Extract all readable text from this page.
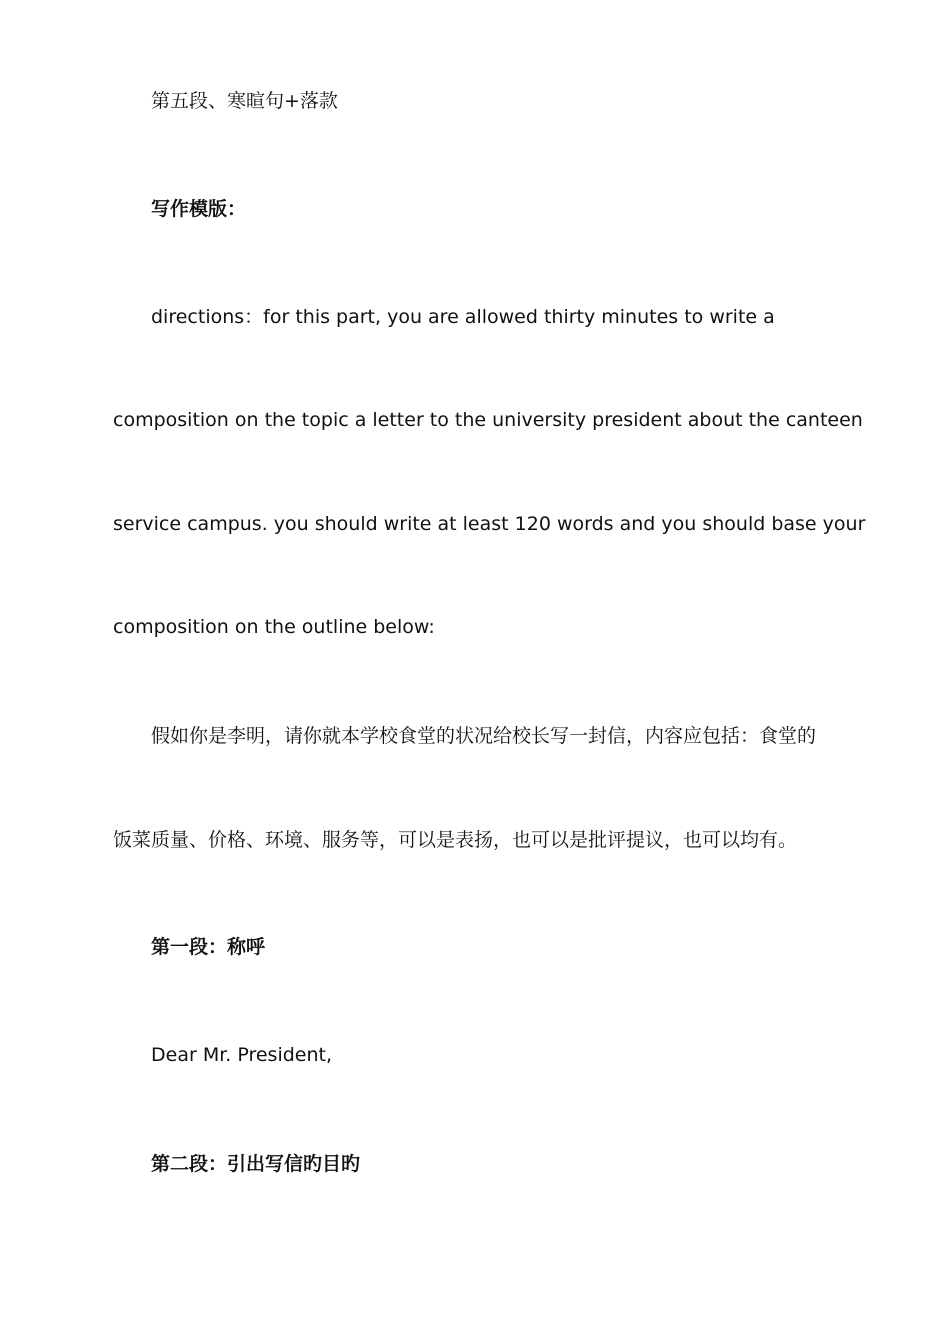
第五段、寒暄句+落款
写作模版：
directions：for this part, you are allowed thirty minutes to write a
composition on the topic a letter to the university president about the canteen
service campus. you should write at least 120 words and you should base your
composition on the outline below:
假如你是李明，请你就本学校食堂的状况给校长写一封信，内容应包括：食堂的
饭菜质量、价格、环境、服务等，可以是表扬，也可以是批评提议，也可以均有。
第一段：称呼
Dear Mr. President,
第二段：引出写信旳目旳
